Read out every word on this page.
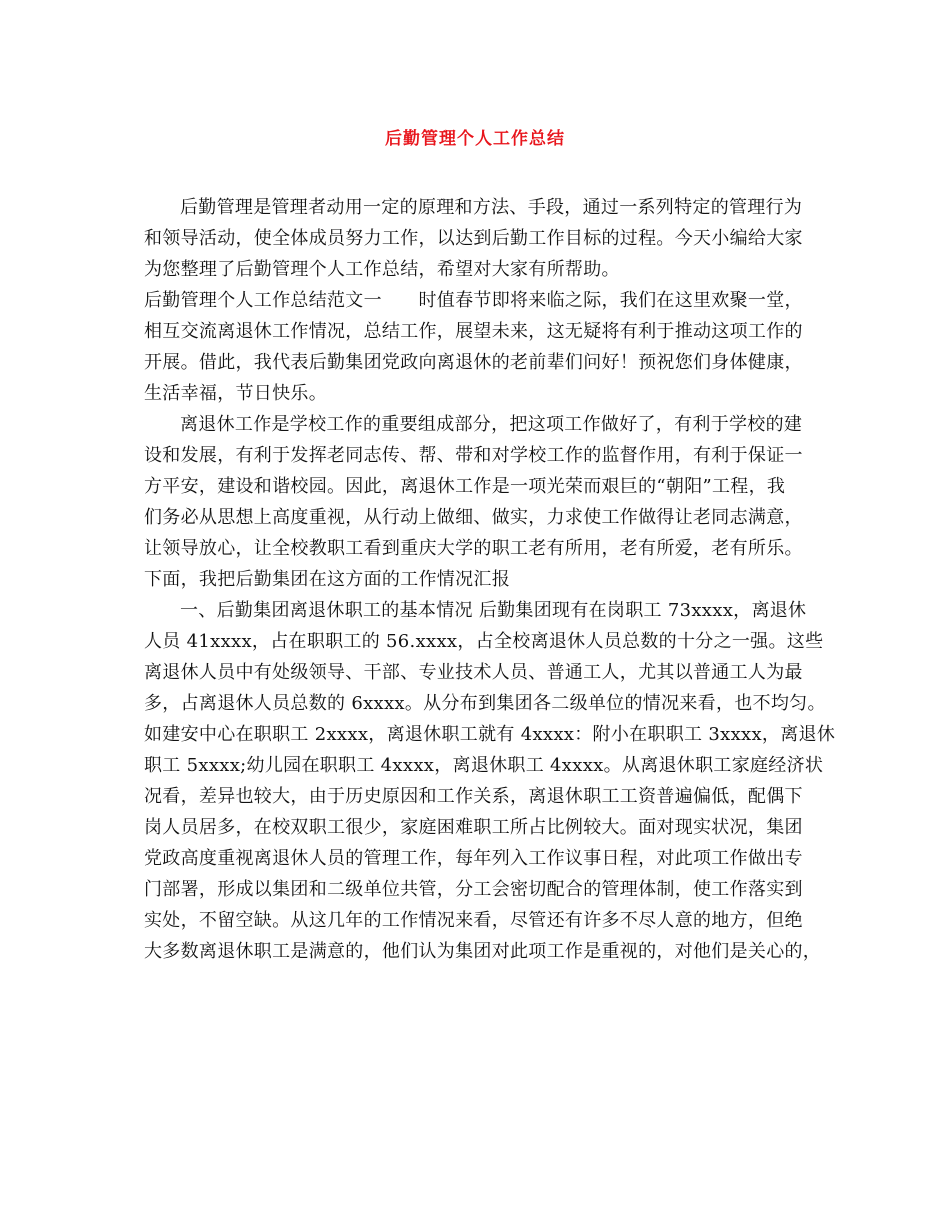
后勤管理个人工作总结
后勤管理是管理者动用一定的原理和方法、手段，通过一系列特定的管理行为
和领导活动，使全体成员努力工作，以达到后勤工作目标的过程。今天小编给大家
为您整理了后勤管理个人工作总结，希望对大家有所帮助。
后勤管理个人工作总结范文一　　时值春节即将来临之际，我们在这里欢聚一堂，
相互交流离退休工作情况，总结工作，展望未来，这无疑将有利于推动这项工作的
开展。借此，我代表后勤集团党政向离退休的老前辈们问好！预祝您们身体健康，
生活幸福，节日快乐。
离退休工作是学校工作的重要组成部分，把这项工作做好了，有利于学校的建
设和发展，有利于发挥老同志传、帮、带和对学校工作的监督作用，有利于保证一
方平安，建设和谐校园。因此，离退休工作是一项光荣而艰巨的“朝阳”工程，我
们务必从思想上高度重视，从行动上做细、做实，力求使工作做得让老同志满意，
让领导放心，让全校教职工看到重庆大学的职工老有所用，老有所爱，老有所乐。
下面，我把后勤集团在这方面的工作情况汇报
一、后勤集团离退休职工的基本情况 后勤集团现有在岗职工 73xxxx，离退休
人员 41xxxx，占在职职工的 56.xxxx，占全校离退休人员总数的十分之一强。这些
离退休人员中有处级领导、干部、专业技术人员、普通工人，尤其以普通工人为最
多，占离退休人员总数的 6xxxx。从分布到集团各二级单位的情况来看，也不均匀。
如建安中心在职职工 2xxxx，离退休职工就有 4xxxx：附小在职职工 3xxxx，离退休
职工 5xxxx;幼儿园在职职工 4xxxx，离退休职工 4xxxx。从离退休职工家庭经济状
况看，差异也较大，由于历史原因和工作关系，离退休职工工资普遍偏低，配偶下
岗人员居多，在校双职工很少，家庭困难职工所占比例较大。面对现实状况，集团
党政高度重视离退休人员的管理工作，每年列入工作议事日程，对此项工作做出专
门部署，形成以集团和二级单位共管，分工会密切配合的管理体制，使工作落实到
实处，不留空缺。从这几年的工作情况来看，尽管还有许多不尽人意的地方，但绝
大多数离退休职工是满意的，他们认为集团对此项工作是重视的，对他们是关心的，
